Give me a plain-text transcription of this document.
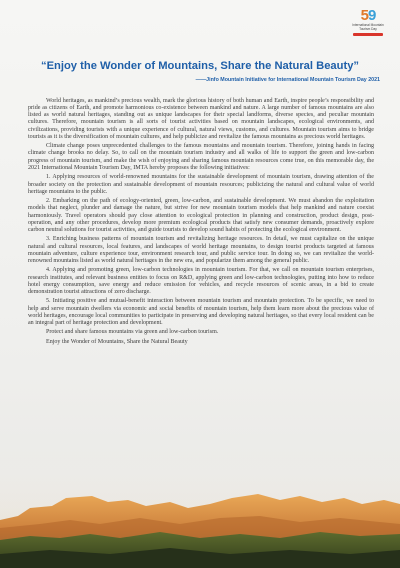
59
International Mountain Tourism Day
“Enjoy the Wonder of Mountains, Share the Natural Beauty”
——Jinfo Mountain Initiative for International Mountain Tourism Day 2021

World heritages, as mankind’s precious wealth, mark the glorious history of both human and Earth, inspire people’s responsibility and pride as citizens of Earth, and promote harmonious co-existence between mankind and nature. A large number of famous mountains are also listed as world natural heritages, standing out as unique landscapes for their special landforms, diverse species, and peculiar mountain cultures. Therefore, mountain tourism is all sorts of tourist activities based on mountain landscapes, ecological environments, and civilizations, providing tourists with a unique experience of cultural, natural views, customs, and cultures. Mountain tourism aims to bridge tourists as it is the diversification of mountain cultures, and help publicize and revitalize the famous mountains as precious world heritages.

Climate change poses unprecedented challenges to the famous mountains and mountain tourism. Therefore, joining hands in facing climate change brooks no delay. So, to call on the mountain tourism industry and all walks of life to support the green and low-carbon progress of mountain tourism, and make the wish of enjoying and sharing famous mountain resources come true, on this memorable day, the 2021 International Mountain Tourism Day, IMTA hereby proposes the following initiatives:

1. Applying resources of world-renowned mountains for the sustainable development of mountain tourism, drawing attention of the broader society on the protection and sustainable development of mountain resources; publicizing the natural and cultural value of world heritage mountains to the public.

2. Embarking on the path of ecology-oriented, green, low-carbon, and sustainable development. We must abandon the exploitation models that neglect, plunder and damage the nature, but strive for new mountain tourism models that help mankind and nature coexist harmoniously. Travel operators should pay close attention to ecological protection in planning and construction, product design, post-operation, and any other procedures, develop more premium ecological products that satisfy new consumer demands, proactively explore carbon neutral solutions for tourist activities, and guide tourists to develop sound habits of protecting the ecological environment.

3. Enriching business patterns of mountain tourism and revitalizing heritage resources. In detail, we must capitalize on the unique natural and cultural resources, local features, and landscapes of world heritage mountains, to design tourist products targeted at famous mountain adventure, culture experience tour, environment research tour, and public service tour. In doing so, we can revitalize the world-renowned mountains listed as world natural heritages in the new era, and popularize them among the general public.

4. Applying and promoting green, low-carbon technologies in mountain tourism. For that, we call on mountain tourism enterprises, research institutes, and relevant business entities to focus on R&D, applying green and low-carbon technologies, putting into how to reduce hotel energy consumption, save energy and reduce emission for vehicles, and recycle resources of scenic areas, in a bid to create demonstration tourist attractions of zero discharge.

5. Initiating positive and mutual-benefit interaction between mountain tourism and mountain protection. To be specific, we need to help and serve mountain dwellers via economic and social benefits of mountain tourism, help them learn more about the precious value of world heritages, encourage local communities to participate in preserving and developing natural heritages, so that every local resident can be an integral part of heritage protection and development.

Protect and share famous mountains via green and low-carbon tourism.

Enjoy the Wonder of Mountains, Share the Natural Beauty
